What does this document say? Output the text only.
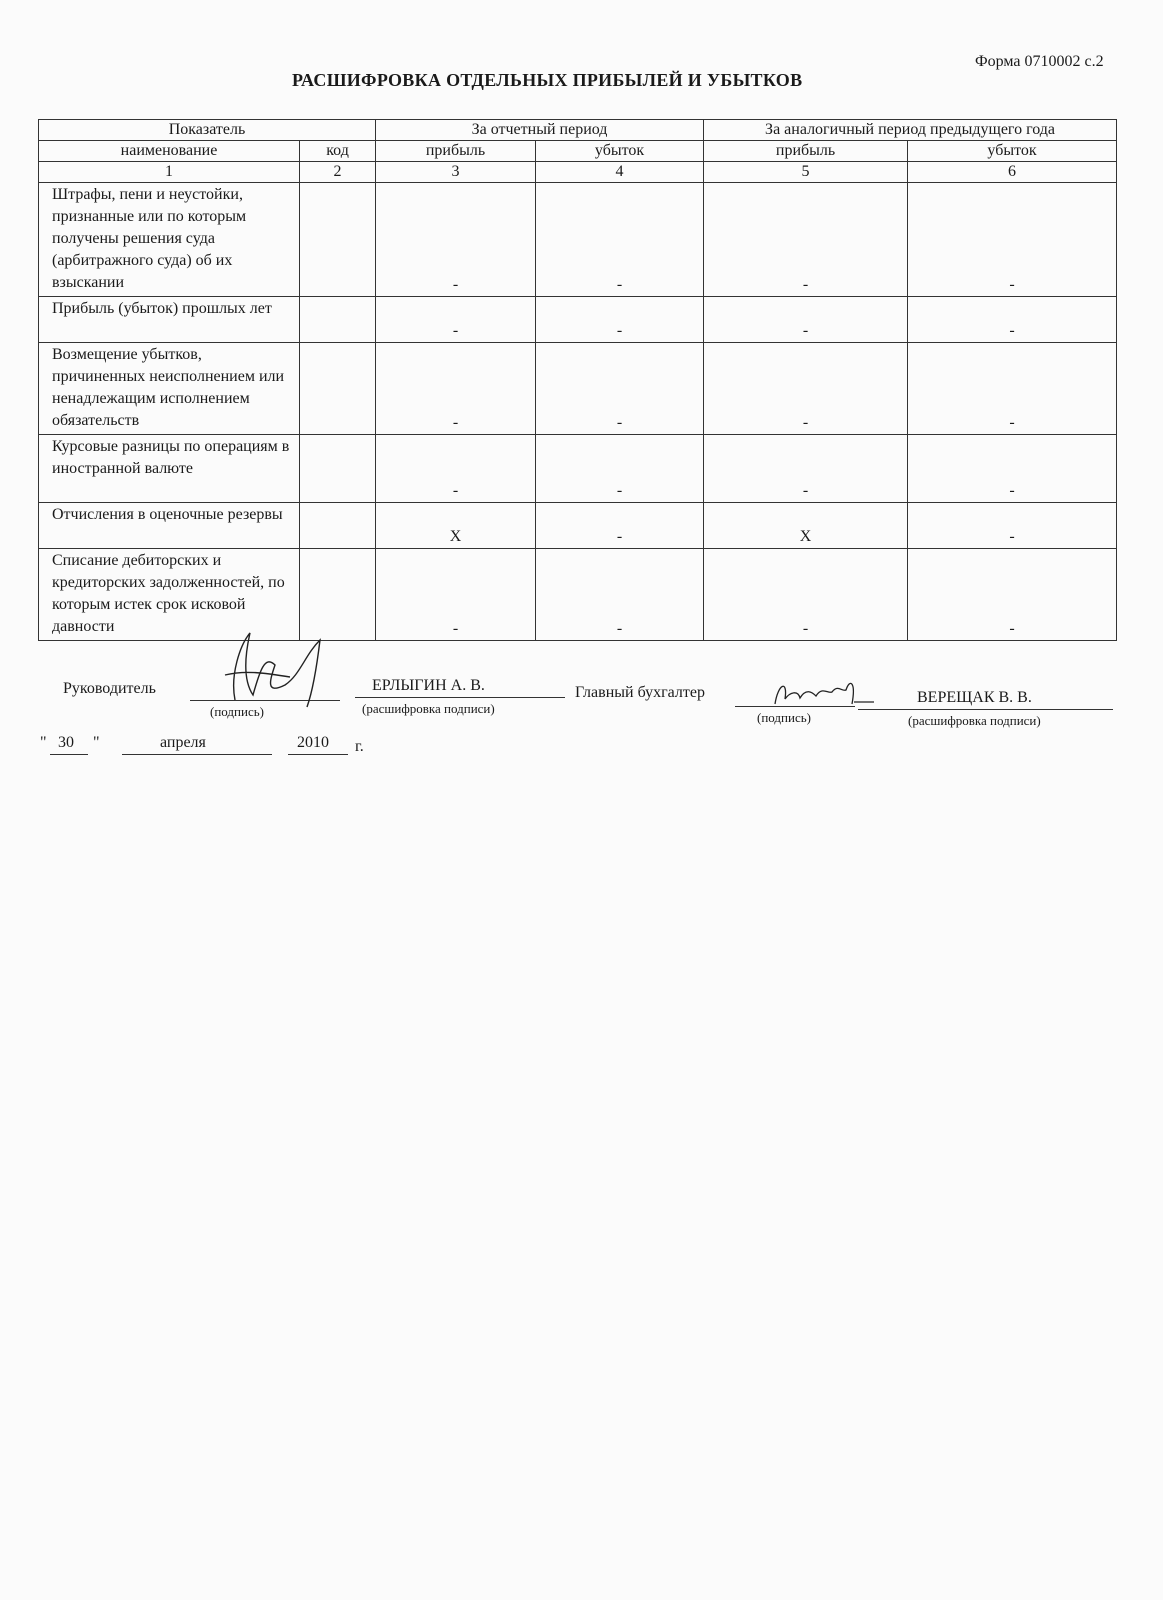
Форма 0710002 с.2
РАСШИФРОВКА ОТДЕЛЬНЫХ ПРИБЫЛЕЙ И УБЫТКОВ
Показатель		За отчетный период		За аналогичный период предыдущего года	
наименование	код	прибыль	убыток	прибыль	убыток
1	2	3	4	5	6
Штрафы, пени и неустойки, признанные или по которым получены решения суда (арбитражного суда) об их взыскании		-	-	-	-
Прибыль (убыток) прошлых лет		-	-	-	-
Возмещение убытков, причиненных неисполнением или ненадлежащим исполнением обязательств		-	-	-	-
Курсовые разницы по операциям в иностранной валюте		-	-	-	-
Отчисления в оценочные резервы		X	-	X	-
Списание дебиторских и кредиторских задолженностей, по которым истек срок исковой давности		-	-	-	-
Руководитель
(подпись)
ЕРЛЫГИН А. В.
(расшифровка подписи)
Главный бухгалтер
(подпись)
ВЕРЕЩАК В. В.
(расшифровка подписи)
" 30 "	апреля	2010 г.
